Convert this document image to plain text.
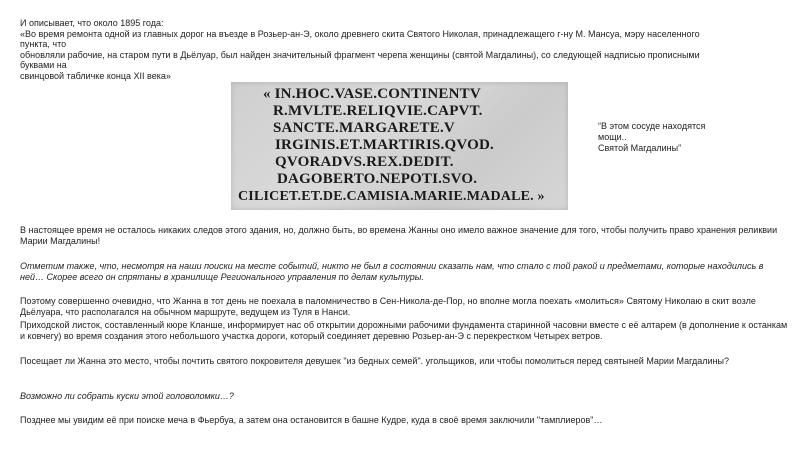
И описывает, что около 1895 года:
«Во время ремонта одной из главных дорог на въезде в Розьер-ан-Э, около древнего скита Святого Николая, принадлежащего г-ну М. Мансуа, мэру населенного
пункта, что
обновляли рабочие, на старом пути в Дьёлуар, был найден значительный фрагмент черепа женщины (святой Магдалины), со следующей надписью прописными
буквами на
свинцовой табличке конца XII века»
« IN.HOC.VASE.CONTINENTV
R.MVLTE.RELIQVIE.CAPVT.
SANCTE.MARGARETE.V
IRGINIS.ET.MARTIRIS.QVOD.
QVORADVS.REX.DEDIT.
DAGOBERTO.NEPOTI.SVO.
CILICET.ET.DE.CAMISIA.MARIE.MADALE. »
“В этом сосуде находятся
мощи..
Святой Магдалины”

В настоящее время не осталось никаких следов этого здания, но, должно быть, во времена Жанны оно имело важное значение для того, чтобы получить право хранения реликвии Марии Магдалины!

Отметим также, что, несмотря на наши поиски на месте событий, никто не был в состоянии сказать нам, что стало с той ракой и предметами, которые находились в ней… Скорее всего он спрятаны в хранилище Регионального управления по делам культуры.

Поэтому совершенно очевидно, что Жанна в тот день не поехала в паломничество в Сен-Никола-де-Пор, но вполне могла поехать «молиться» Святому Николаю в скит возле Дьёлуара, что располагался на обычном маршруте, ведущем из Туля в Нанси.

Приходской листок, составленный кюре Кланше, информирует нас об открытии дорожными рабочими фундамента старинной часовни вместе с её алтарем (в дополнение к останкам и ковчегу) во время создания этого небольшого участка дороги, который соединяет деревню Розьер-ан-Э с перекрестком Четырех ветров.

Посещает ли Жанна это место, чтобы почтить святого покровителя девушек "из бедных семей". угольщиков, или чтобы помолиться перед святыней Марии Магдалины?

Возможно ли собрать куски этой головоломки…?

Позднее мы увидим её при поиске меча в Фьербуа, а затем она остановится в башне Кудре, куда в своё время заключили "тамплиеров"…
